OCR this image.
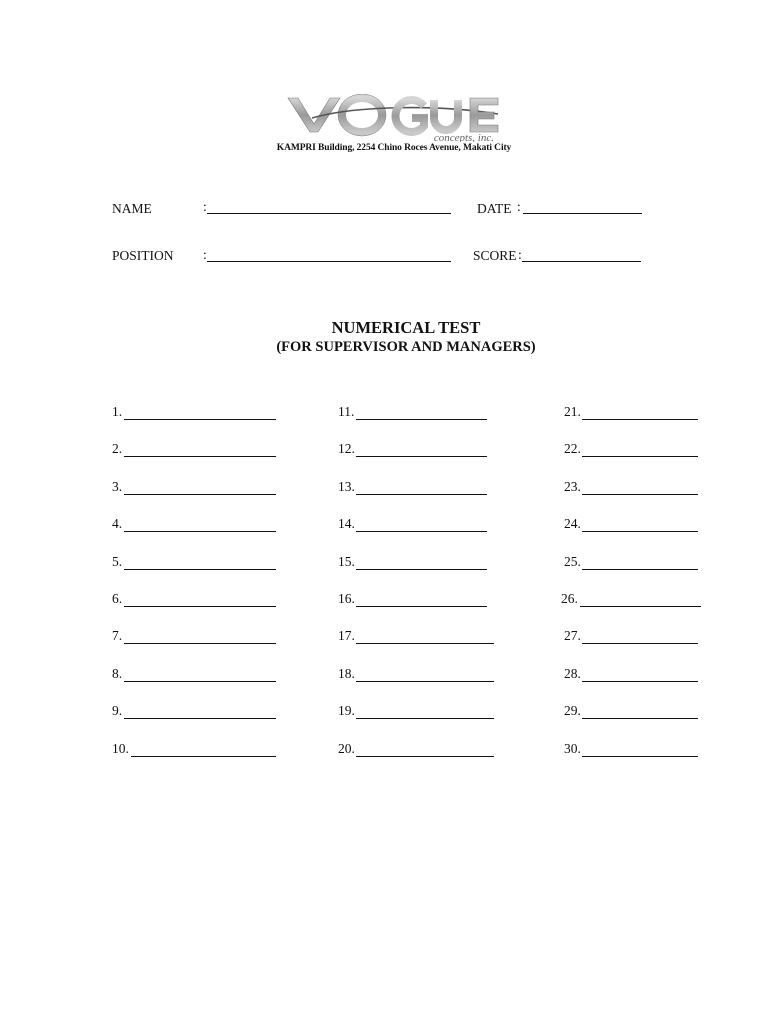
concepts, inc.
KAMPRI Building, 2254 Chino Roces Avenue, Makati City
NAME	:	DATE :
POSITION :	SCORE :
NUMERICAL TEST
(FOR SUPERVISOR AND MANAGERS)
1.
2.
3.
4.
5.
6.
7.
8.
9.
10.
11.
12.
13.
14.
15.
16.
17.
18.
19.
20.
21.
22.
23.
24.
25.
26.
27.
28.
29.
30.
